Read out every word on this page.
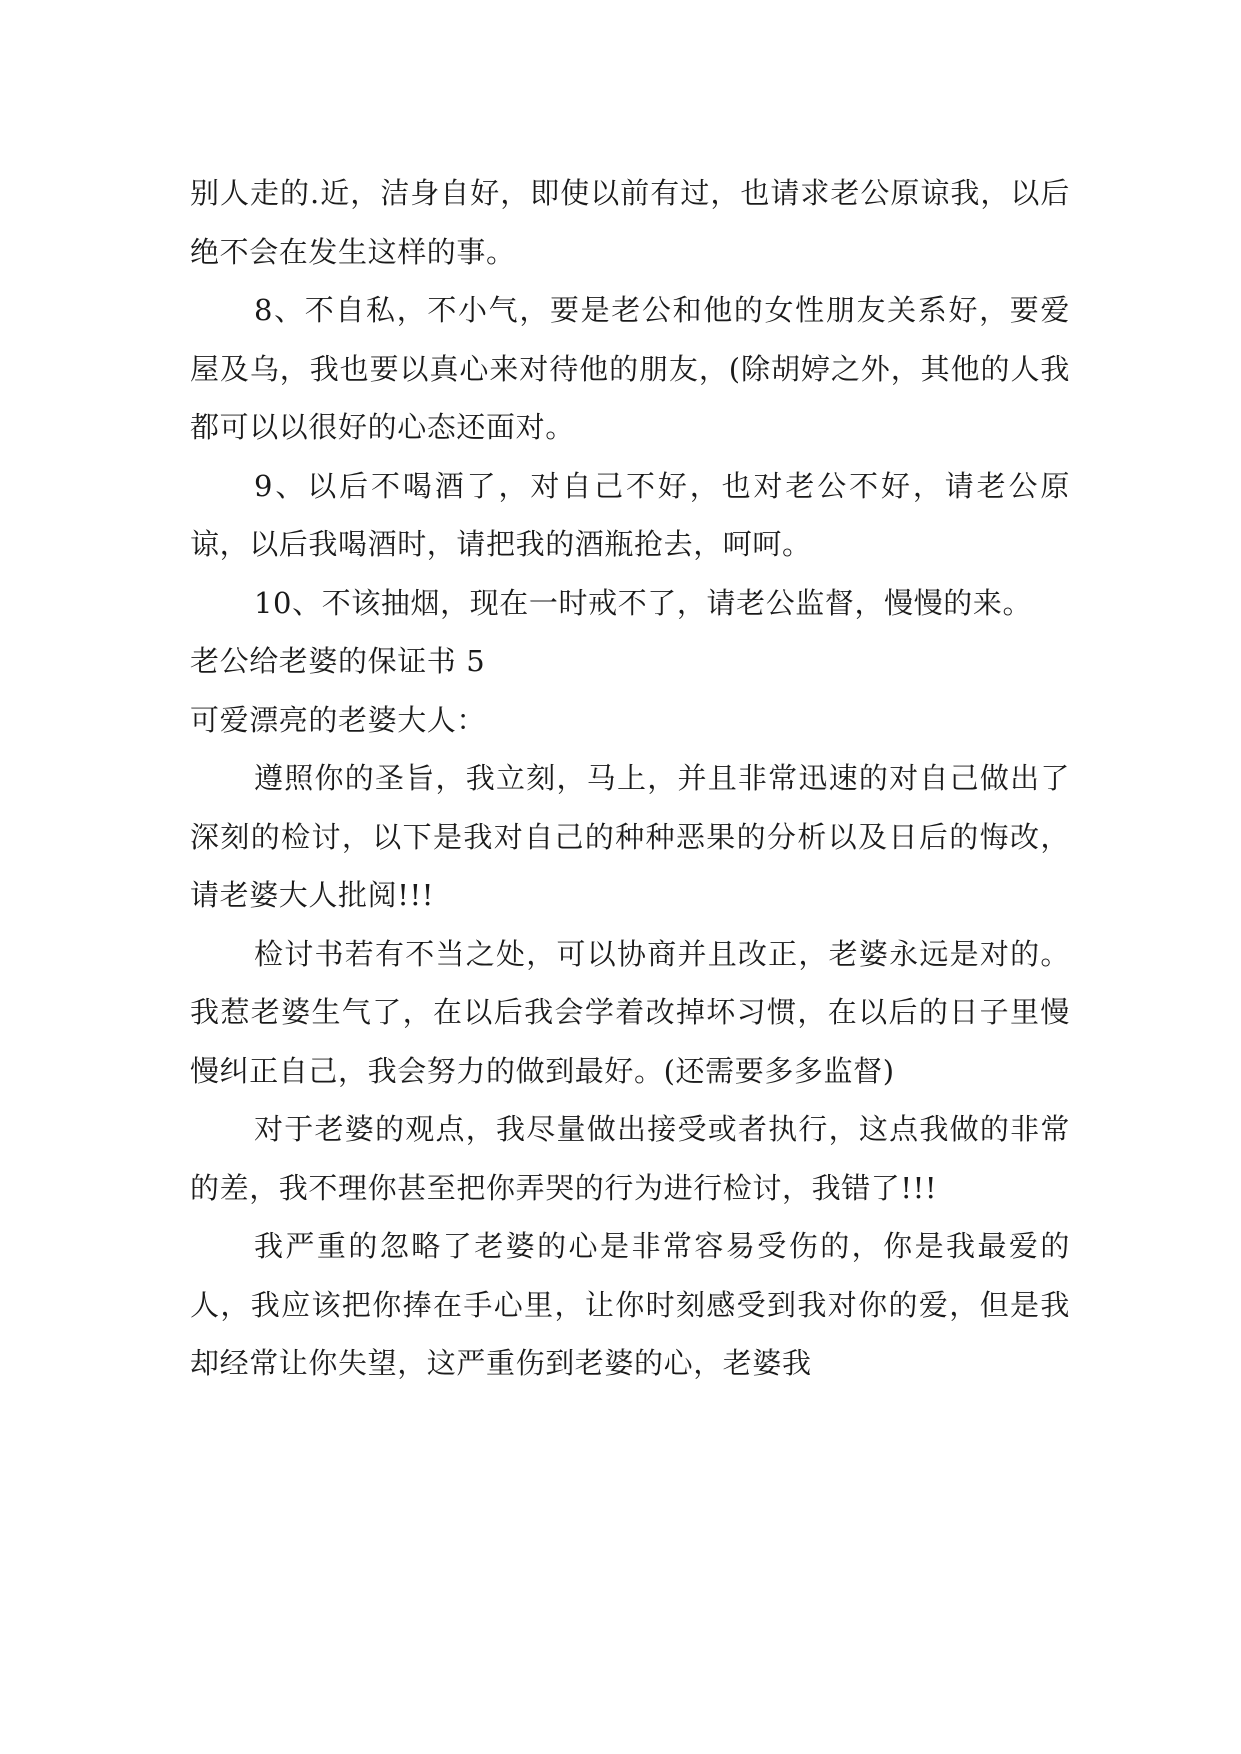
别人走的.近，洁身自好，即使以前有过，也请求老公原谅我，以后绝不会在发生这样的事。

8、不自私，不小气，要是老公和他的女性朋友关系好，要爱屋及乌，我也要以真心来对待他的朋友，(除胡婷之外，其他的人我都可以以很好的心态还面对。

9、以后不喝酒了，对自己不好，也对老公不好，请老公原谅，以后我喝酒时，请把我的酒瓶抢去，呵呵。

10、不该抽烟，现在一时戒不了，请老公监督，慢慢的来。

老公给老婆的保证书 5

可爱漂亮的老婆大人：

遵照你的圣旨，我立刻，马上，并且非常迅速的对自己做出了深刻的检讨，以下是我对自己的种种恶果的分析以及日后的悔改，请老婆大人批阅!!!

检讨书若有不当之处，可以协商并且改正，老婆永远是对的。 我惹老婆生气了，在以后我会学着改掉坏习惯，在以后的日子里慢慢纠正自己，我会努力的做到最好。(还需要多多监督)

对于老婆的观点，我尽量做出接受或者执行，这点我做的非常的差，我不理你甚至把你弄哭的行为进行检讨，我错了!!!

我严重的忽略了老婆的心是非常容易受伤的，你是我最爱的人，我应该把你捧在手心里，让你时刻感受到我对你的爱，但是我却经常让你失望，这严重伤到老婆的心，老婆我
